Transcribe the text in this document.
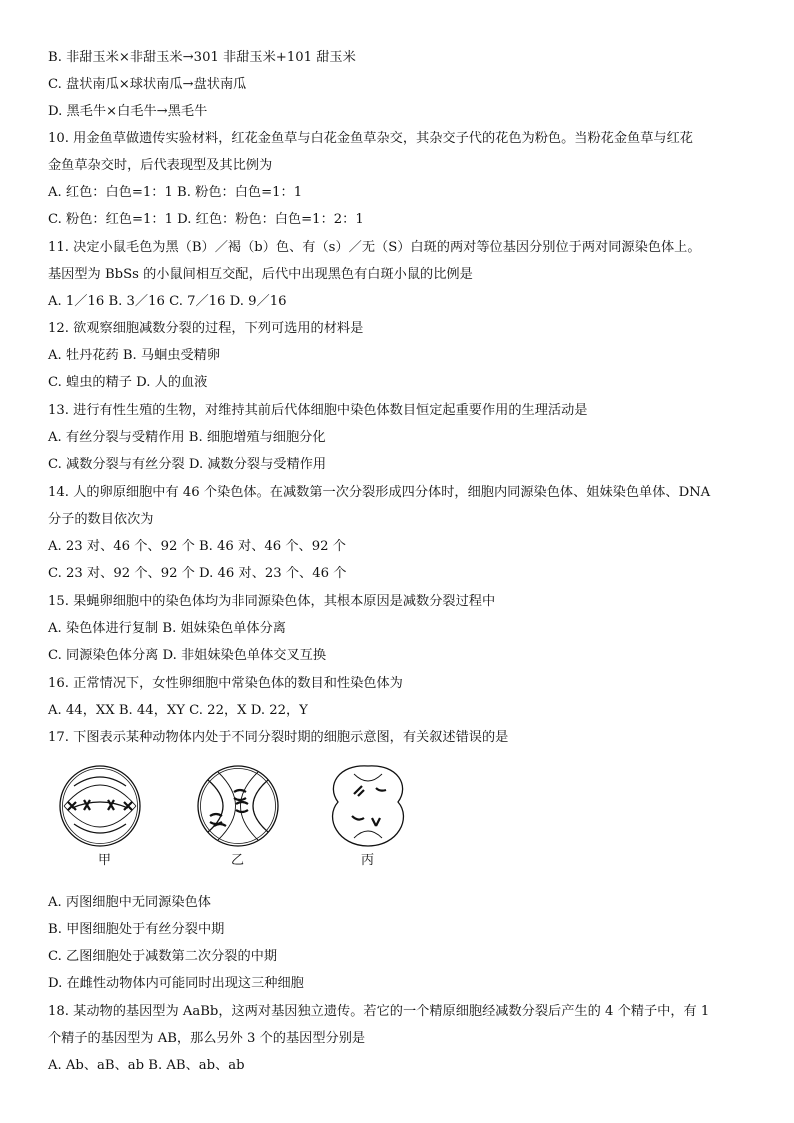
B. 非甜玉米×非甜玉米→301 非甜玉米+101 甜玉米
C. 盘状南瓜×球状南瓜→盘状南瓜
D. 黑毛牛×白毛牛→黑毛牛
10. 用金鱼草做遗传实验材料，红花金鱼草与白花金鱼草杂交，其杂交子代的花色为粉色。当粉花金鱼草与红花
金鱼草杂交时，后代表现型及其比例为
A. 红色：白色=1：1 B. 粉色：白色=1：1
C. 粉色：红色=1：1 D. 红色：粉色：白色=1：2：1
11. 决定小鼠毛色为黑（B）／褐（b）色、有（s）／无（S）白斑的两对等位基因分别位于两对同源染色体上。
基因型为 BbSs 的小鼠间相互交配，后代中出现黑色有白斑小鼠的比例是
A. 1／16 B. 3／16 C. 7／16 D. 9／16
12. 欲观察细胞减数分裂的过程，下列可选用的材料是
A. 牡丹花药 B. 马蛔虫受精卵
C. 蝗虫的精子 D. 人的血液
13. 进行有性生殖的生物，对维持其前后代体细胞中染色体数目恒定起重要作用的生理活动是
A. 有丝分裂与受精作用 B. 细胞增殖与细胞分化
C. 减数分裂与有丝分裂 D. 减数分裂与受精作用
14. 人的卵原细胞中有 46 个染色体。在减数第一次分裂形成四分体时，细胞内同源染色体、姐妹染色单体、DNA
分子的数目依次为
A. 23 对、46 个、92 个 B. 46 对、46 个、92 个
C. 23 对、92 个、92 个 D. 46 对、23 个、46 个
15. 果蝇卵细胞中的染色体均为非同源染色体，其根本原因是减数分裂过程中
A. 染色体进行复制 B. 姐妹染色单体分离
C. 同源染色体分离 D. 非姐妹染色单体交叉互换
16. 正常情况下，女性卵细胞中常染色体的数目和性染色体为
A. 44，XX B. 44，XY C. 22，X D. 22，Y
17. 下图表示某种动物体内处于不同分裂时期的细胞示意图，有关叙述错误的是
甲	乙	丙
A. 丙图细胞中无同源染色体
B. 甲图细胞处于有丝分裂中期
C. 乙图细胞处于减数第二次分裂的中期
D. 在雌性动物体内可能同时出现这三种细胞
18. 某动物的基因型为 AaBb，这两对基因独立遗传。若它的一个精原细胞经减数分裂后产生的 4 个精子中，有 1
个精子的基因型为 AB，那么另外 3 个的基因型分别是
A. Ab、aB、ab B. AB、ab、ab
